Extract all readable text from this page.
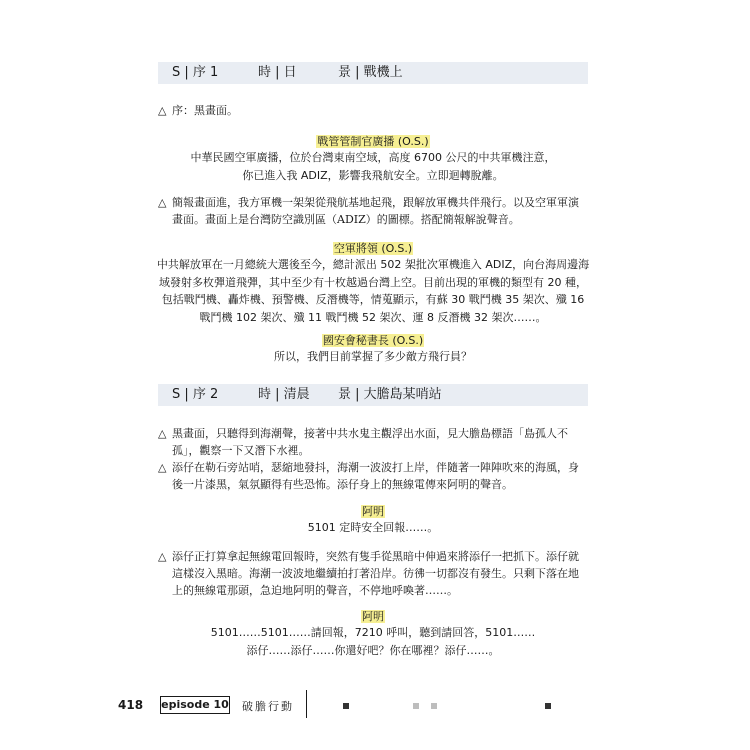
S | 序 1	時 | 日	景 | 戰機上
△ 序：黑畫面。
戰管管制官廣播 (O.S.)
中華民國空軍廣播，位於台灣東南空域，高度 6700 公尺的中共軍機注意，
你已進入我 ADIZ，影響我飛航安全。立即迴轉脫離。
△ 簡報畫面進，我方軍機一架架從飛航基地起飛，跟解放軍機共伴飛行。以及空軍軍演畫面。畫面上是台灣防空識別區（ADIZ）的圖標。搭配簡報解說聲音。
空軍將領 (O.S.)
中共解放軍在一月總統大選後至今，總計派出 502 架批次軍機進入 ADIZ，向台海周邊海
域發射多枚彈道飛彈，其中至少有十枚越過台灣上空。目前出現的軍機的類型有 20 種，
包括戰鬥機、轟炸機、預警機、反潛機等，情蒐顯示，有蘇 30 戰鬥機 35 架次、殲 16
戰鬥機 102 架次、殲 11 戰鬥機 52 架次、運 8 反潛機 32 架次……。
國安會秘書長 (O.S.)
所以，我們目前掌握了多少敵方飛行員？
S | 序 2	時 | 清晨 景 | 大膽島某哨站
△ 黑畫面，只聽得到海潮聲，接著中共水鬼主觀浮出水面，見大膽島標語「島孤人不孤」，觀察一下又潛下水裡。
△ 添仔在勒石旁站哨，瑟縮地發抖，海潮一波波打上岸，伴隨著一陣陣吹來的海風，身後一片漆黑，氣氛顯得有些恐怖。添仔身上的無線電傳來阿明的聲音。
阿明
5101 定時安全回報……。
△ 添仔正打算拿起無線電回報時，突然有隻手從黑暗中伸過來將添仔一把抓下。添仔就這樣沒入黑暗。海潮一波波地繼續拍打著沿岸。彷彿一切都沒有發生。只剩下落在地上的無線電那頭，急迫地阿明的聲音，不停地呼喚著……。
阿明
5101……5101……請回報，7210 呼叫，聽到請回答，5101……
添仔……添仔……你還好吧？你在哪裡？添仔……。
418 episode 10 破膽行動
